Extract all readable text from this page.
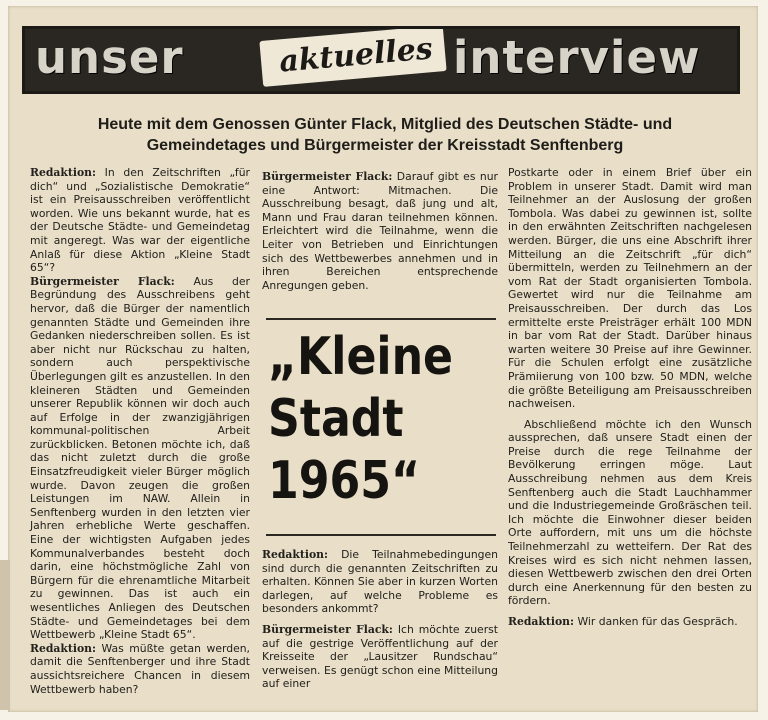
unser	aktuelles interview
Heute mit dem Genossen Günter Flack, Mitglied des Deutschen Städte- und Gemeindetages und Bürgermeister der Kreisstadt Senftenberg

Redaktion: In den Zeitschriften „für dich“ und „Sozialistische Demokratie“ ist ein Preisausschreiben veröffentlicht worden. Wie uns bekannt wurde, hat es der Deutsche Städte- und Gemeindetag mit angeregt. Was war der eigentliche Anlaß für diese Aktion „Kleine Stadt 65“?

Bürgermeister Flack: Aus der Begründung des Ausschreibens geht hervor, daß die Bürger der namentlich genannten Städte und Gemeinden ihre Gedanken niederschreiben sollen. Es ist aber nicht nur Rückschau zu halten, sondern auch perspektivische Überlegungen gilt es anzustellen. In den kleineren Städten und Gemeinden unserer Republik können wir doch auch auf Erfolge in der zwanzigjährigen kommunal-politischen Arbeit zurückblicken. Betonen möchte ich, daß das nicht zuletzt durch die große Einsatzfreudigkeit vieler Bürger möglich wurde. Davon zeugen die großen Leistungen im NAW. Allein in Senftenberg wurden in den letzten vier Jahren erhebliche Werte geschaffen. Eine der wichtigsten Aufgaben jedes Kommunalverbandes besteht doch darin, eine höchstmögliche Zahl von Bürgern für die ehrenamtliche Mitarbeit zu gewinnen. Das ist auch ein wesentliches Anliegen des Deutschen Städte- und Gemeindetages bei dem Wettbewerb „Kleine Stadt 65“.

Redaktion: Was müßte getan werden, damit die Senftenberger und ihre Stadt aussichtsreichere Chancen in diesem Wettbewerb haben?

Bürgermeister Flack: Darauf gibt es nur eine Antwort: Mitmachen. Die Ausschreibung besagt, daß jung und alt, Mann und Frau daran teilnehmen können. Erleichtert wird die Teilnahme, wenn die Leiter von Betrieben und Einrichtungen sich des Wettbewerbes annehmen und in ihren Bereichen entsprechende Anregungen geben.

„Kleine
Stadt
1965“

Redaktion: Die Teilnahmebedingungen sind durch die genannten Zeitschriften zu erhalten. Können Sie aber in kurzen Worten darlegen, auf welche Probleme es besonders ankommt?

Bürgermeister Flack: Ich möchte zuerst auf die gestrige Veröffentlichung auf der Kreisseite der „Lausitzer Rundschau“ verweisen. Es genügt schon eine Mitteilung auf einer

Postkarte oder in einem Brief über ein Problem in unserer Stadt. Damit wird man Teilnehmer an der Auslosung der großen Tombola. Was dabei zu gewinnen ist, sollte in den erwähnten Zeitschriften nachgelesen werden. Bürger, die uns eine Abschrift ihrer Mitteilung an die Zeitschrift „für dich“ übermitteln, werden zu Teilnehmern an der vom Rat der Stadt organisierten Tombola. Gewertet wird nur die Teilnahme am Preisausschreiben. Der durch das Los ermittelte erste Preisträger erhält 100 MDN in bar vom Rat der Stadt. Darüber hinaus warten weitere 30 Preise auf ihre Gewinner. Für die Schulen erfolgt eine zusätzliche Prämiierung von 100 bzw. 50 MDN, welche die größte Beteiligung am Preisausschreiben nachweisen.

Abschließend möchte ich den Wunsch aussprechen, daß unsere Stadt einen der Preise durch die rege Teilnahme der Bevölkerung erringen möge. Laut Ausschreibung nehmen aus dem Kreis Senftenberg auch die Stadt Lauchhammer und die Industriegemeinde Großräschen teil. Ich möchte die Einwohner dieser beiden Orte auffordern, mit uns um die höchste Teilnehmerzahl zu wetteifern. Der Rat des Kreises wird es sich nicht nehmen lassen, diesen Wettbewerb zwischen den drei Orten durch eine Anerkennung für den besten zu fördern.

Redaktion: Wir danken für das Gespräch.
